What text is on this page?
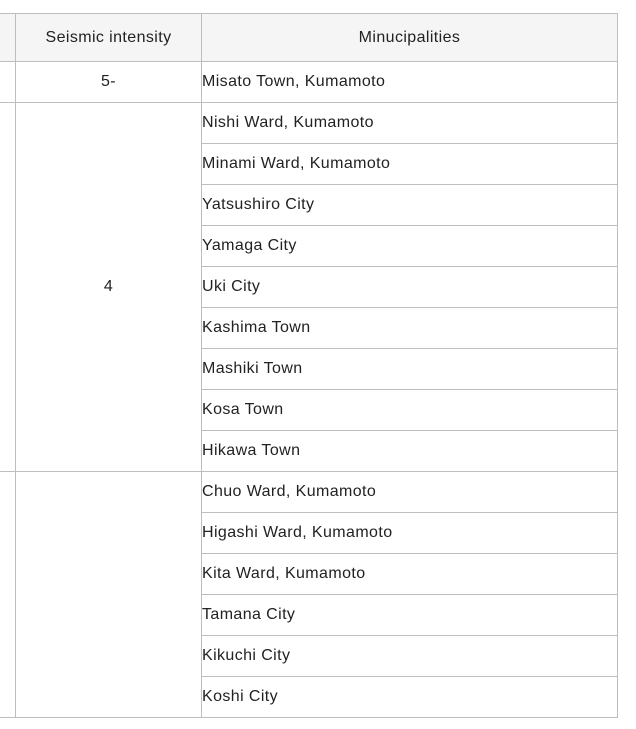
	Seismic intensity	Minucipalities
	5-	Misato Town, Kumamoto
	4	Nishi Ward, Kumamoto
		Minami Ward, Kumamoto
		Yatsushiro City
		Yamaga City
		Uki City
		Kashima Town
		Mashiki Town
		Kosa Town
		Hikawa Town
		Chuo Ward, Kumamoto
		Higashi Ward, Kumamoto
		Kita Ward, Kumamoto
		Tamana City
		Kikuchi City
		Koshi City
